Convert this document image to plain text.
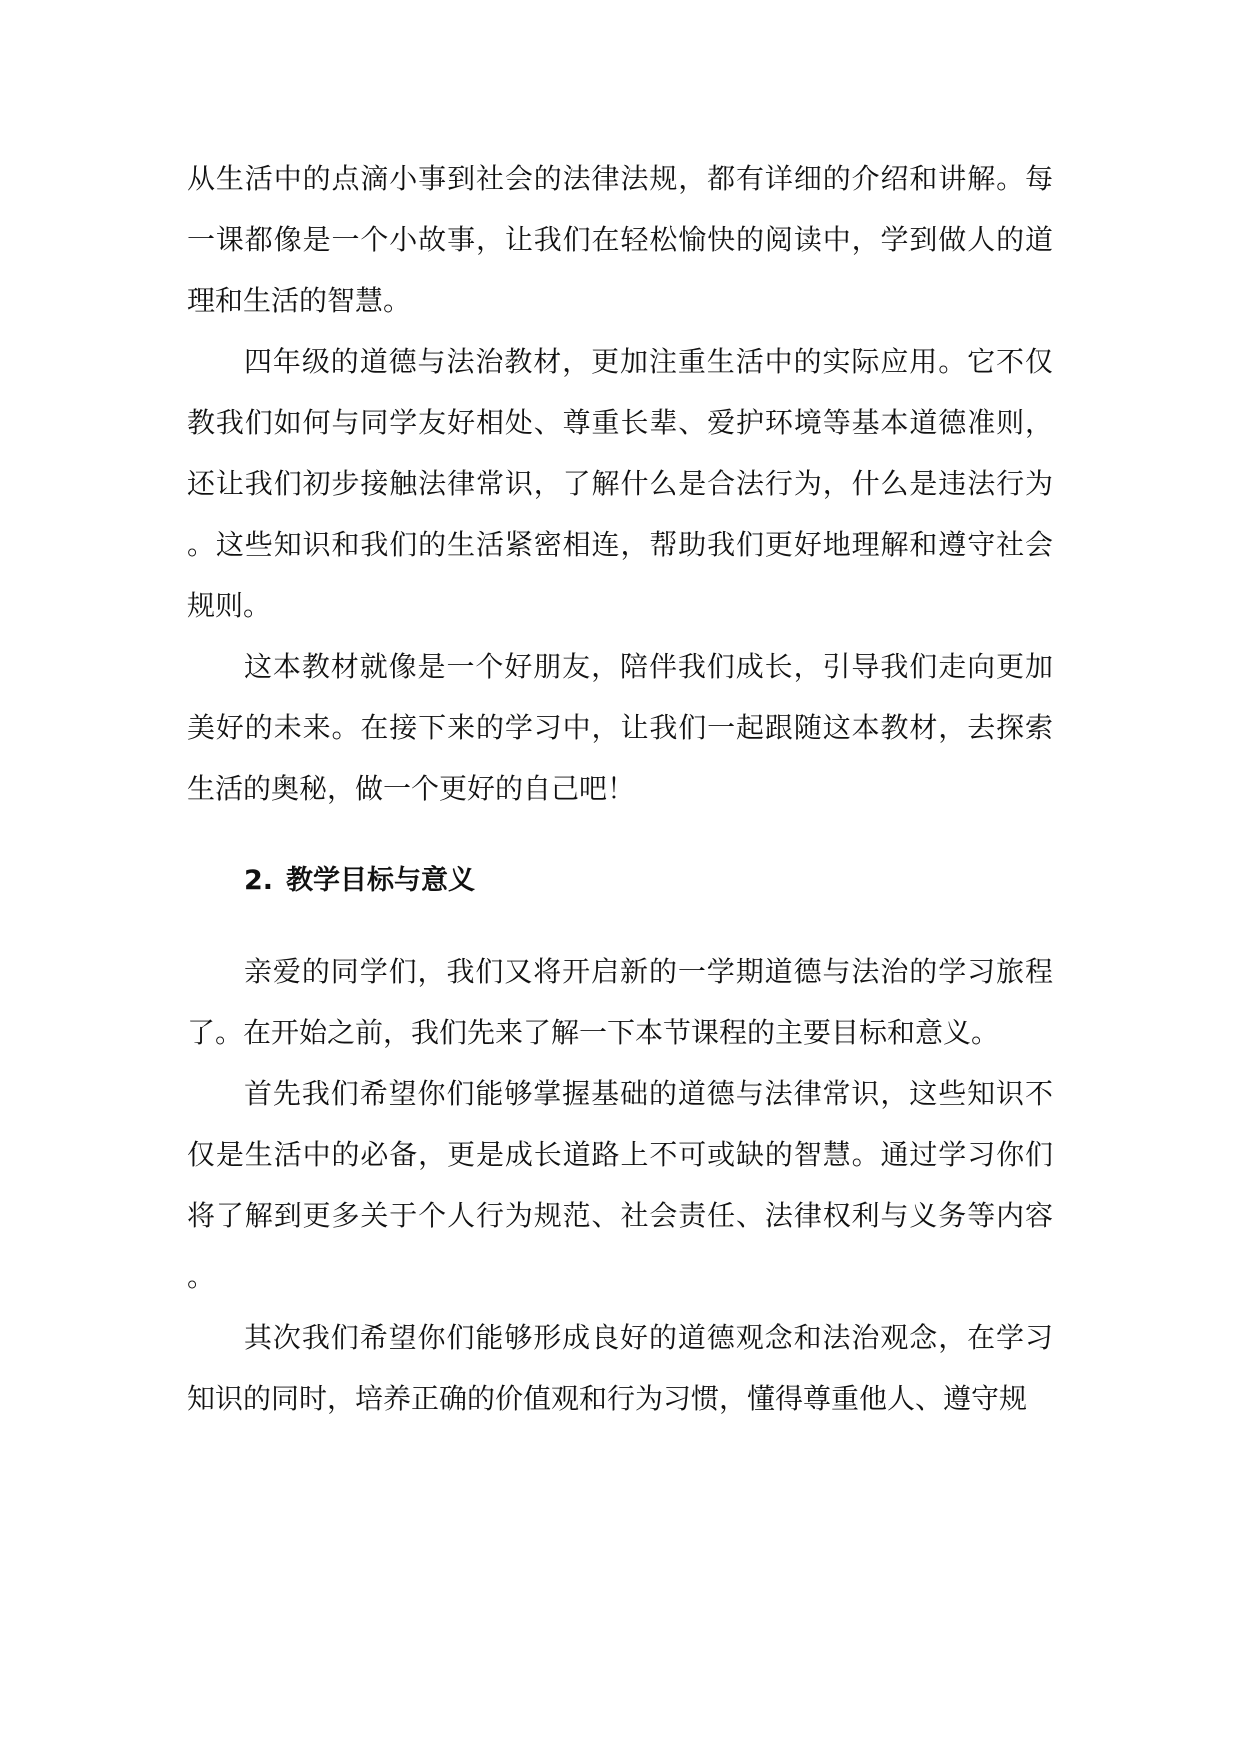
从生活中的点滴小事到社会的法律法规，都有详细的介绍和讲解。每一课都像是一个小故事，让我们在轻松愉快的阅读中，学到做人的道理和生活的智慧。

四年级的道德与法治教材，更加注重生活中的实际应用。它不仅教我们如何与同学友好相处、尊重长辈、爱护环境等基本道德准则，还让我们初步接触法律常识，了解什么是合法行为，什么是违法行为。这些知识和我们的生活紧密相连，帮助我们更好地理解和遵守社会规则。

这本教材就像是一个好朋友，陪伴我们成长，引导我们走向更加美好的未来。在接下来的学习中，让我们一起跟随这本教材，去探索生活的奥秘，做一个更好的自己吧！

2. 教学目标与意义

亲爱的同学们，我们又将开启新的一学期道德与法治的学习旅程了。在开始之前，我们先来了解一下本节课程的主要目标和意义。

首先我们希望你们能够掌握基础的道德与法律常识，这些知识不仅是生活中的必备，更是成长道路上不可或缺的智慧。通过学习你们将了解到更多关于个人行为规范、社会责任、法律权利与义务等内容。

其次我们希望你们能够形成良好的道德观念和法治观念，在学习知识的同时，培养正确的价值观和行为习惯，懂得尊重他人、遵守规
